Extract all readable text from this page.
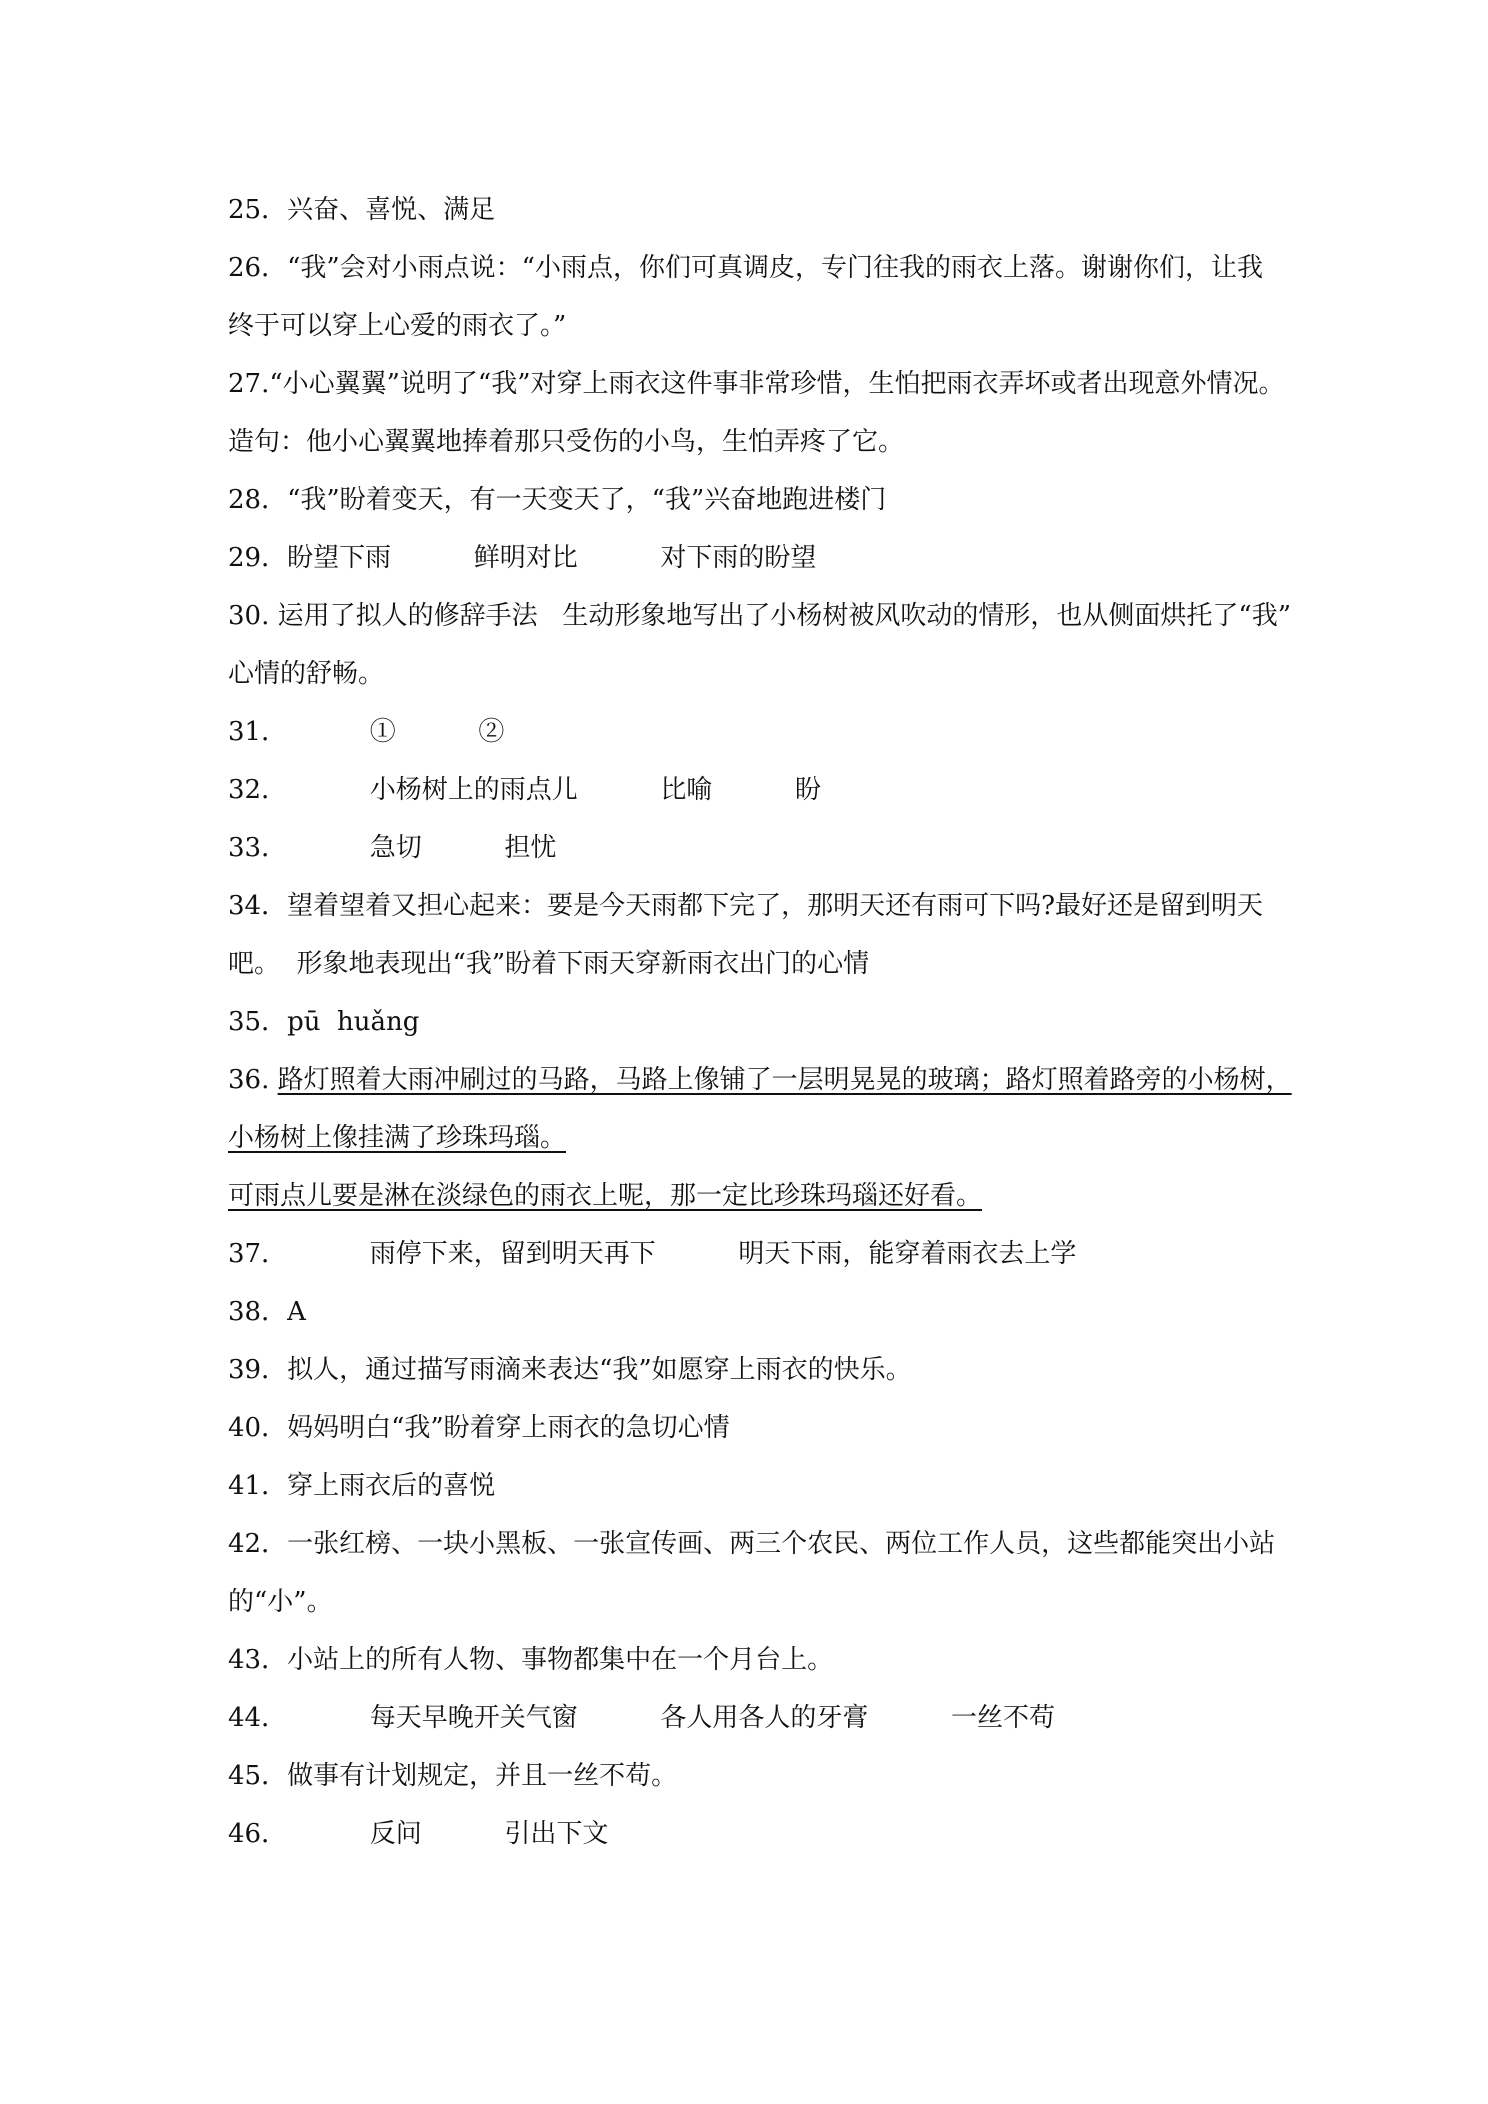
25．兴奋、喜悦、满足
26．“我”会对小雨点说：“小雨点，你们可真调皮，专门往我的雨衣上落。谢谢你们，让我
终于可以穿上心爱的雨衣了。”
27.“小心翼翼”说明了“我”对穿上雨衣这件事非常珍惜，生怕把雨衣弄坏或者出现意外情况。
造句：他小心翼翼地捧着那只受伤的小鸟，生怕弄疼了它。
28．“我”盼着变天，有一天变天了，“我”兴奋地跑进楼门
29．盼望下雨          鲜明对比          对下雨的盼望
30. 运用了拟人的修辞手法   生动形象地写出了小杨树被风吹动的情形，也从侧面烘托了“我”
心情的舒畅。
31．          ①          ②
32．          小杨树上的雨点儿          比喻          盼
33．          急切          担忧
34．望着望着又担心起来：要是今天雨都下完了，那明天还有雨可下吗?最好还是留到明天
吧。  形象地表现出“我”盼着下雨天穿新雨衣出门的心情
35．pū  huǎng
36. 路灯照着大雨冲刷过的马路，马路上像铺了一层明晃晃的玻璃；路灯照着路旁的小杨树，
小杨树上像挂满了珍珠玛瑙。
可雨点儿要是淋在淡绿色的雨衣上呢，那一定比珍珠玛瑙还好看。
37．          雨停下来，留到明天再下          明天下雨，能穿着雨衣去上学
38．A
39．拟人，通过描写雨滴来表达“我”如愿穿上雨衣的快乐。
40．妈妈明白“我”盼着穿上雨衣的急切心情
41．穿上雨衣后的喜悦
42．一张红榜、一块小黑板、一张宣传画、两三个农民、两位工作人员，这些都能突出小站
的“小”。
43．小站上的所有人物、事物都集中在一个月台上。
44．          每天早晚开关气窗          各人用各人的牙膏          一丝不苟
45．做事有计划规定，并且一丝不苟。
46．          反问          引出下文
